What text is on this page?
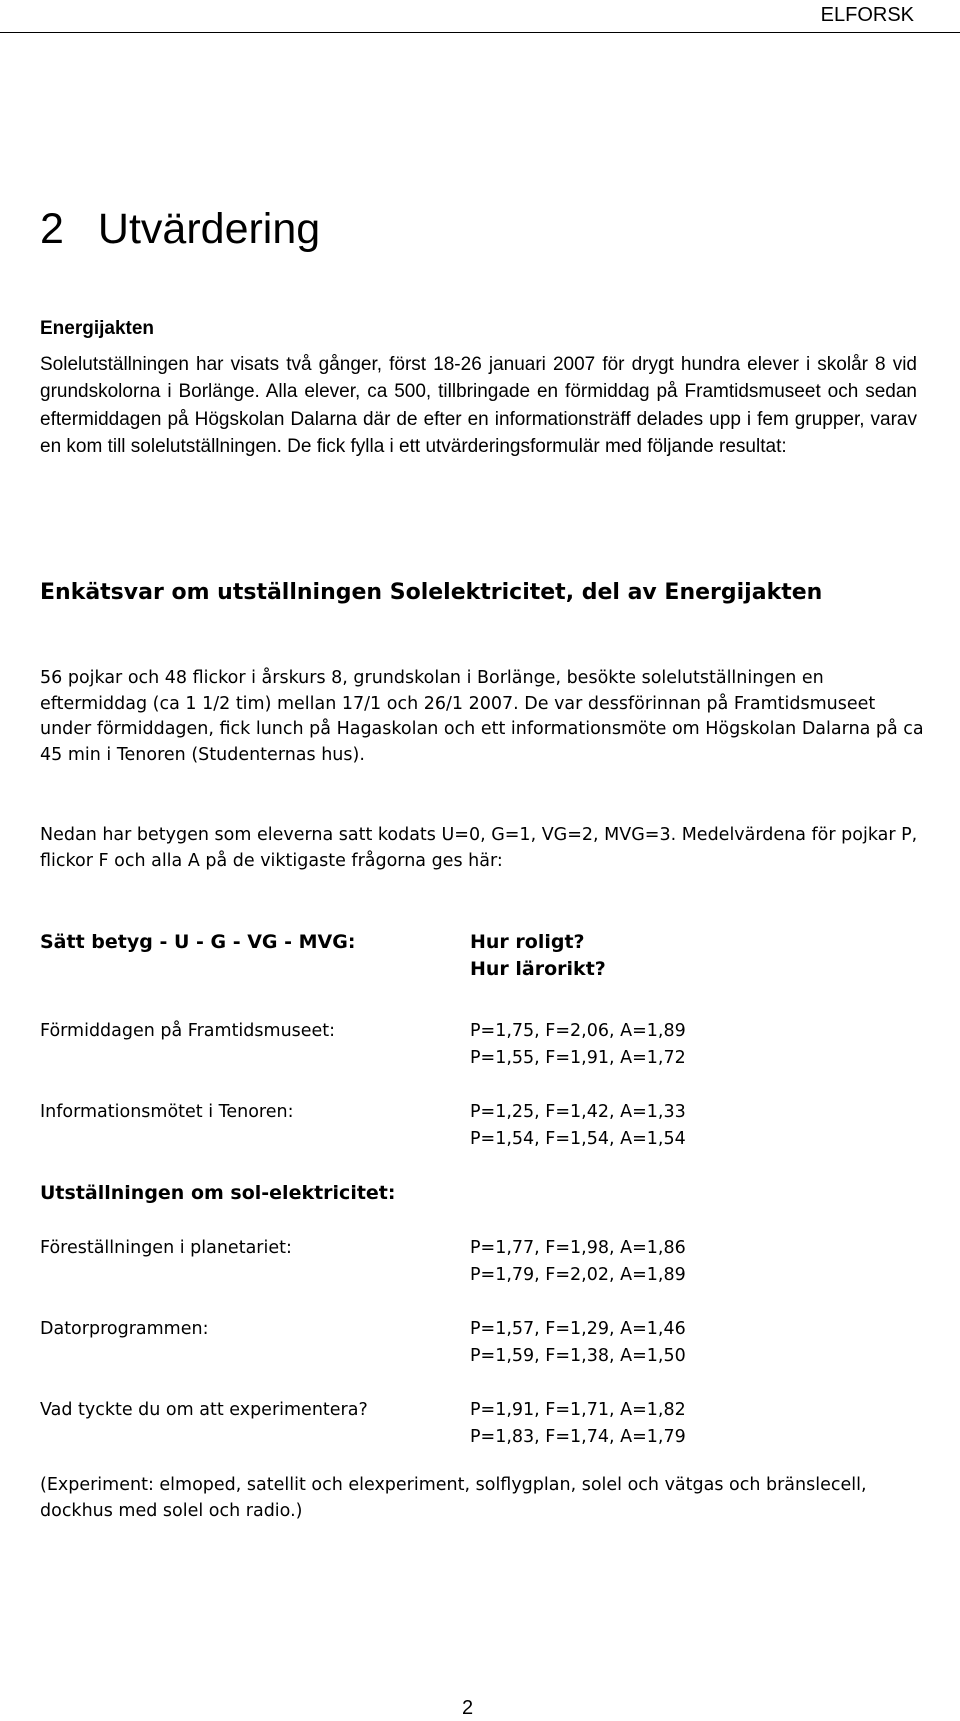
ELFORSK
2 Utvärdering
Energijakten

Solelutställningen har visats två gånger, först 18-26 januari 2007 för drygt hundra elever i skolår 8 vid grundskolorna i Borlänge. Alla elever, ca 500, tillbringade en förmiddag på Framtidsmuseet och sedan eftermiddagen på Högskolan Dalarna där de efter en informationsträff delades upp i fem grupper, varav en kom till solelutställningen. De fick fylla i ett utvärderingsformulär med följande resultat:

Enkätsvar om utställningen Solelektricitet, del av Energijakten

56 pojkar och 48 flickor i årskurs 8, grundskolan i Borlänge, besökte solelutställningen en eftermiddag (ca 1 1/2 tim) mellan 17/1 och 26/1 2007. De var dessförinnan på Framtidsmuseet under förmiddagen, fick lunch på Hagaskolan och ett informationsmöte om Högskolan Dalarna på ca 45 min i Tenoren (Studenternas hus).

Nedan har betygen som eleverna satt kodats U=0, G=1, VG=2, MVG=3. Medelvärdena för pojkar P, flickor F och alla A på de viktigaste frågorna ges här:

Sätt betyg - U - G - VG - MVG:	Hur roligt?
Hur lärorikt?
Förmiddagen på Framtidsmuseet:	P=1,75, F=2,06, A=1,89
P=1,55, F=1,91, A=1,72
Informationsmötet i Tenoren:	P=1,25, F=1,42, A=1,33
P=1,54, F=1,54, A=1,54
Utställningen om sol-elektricitet:
Föreställningen i planetariet:	P=1,77, F=1,98, A=1,86
P=1,79, F=2,02, A=1,89
Datorprogrammen:	P=1,57, F=1,29, A=1,46
P=1,59, F=1,38, A=1,50
Vad tyckte du om att experimentera?	P=1,91, F=1,71, A=1,82
P=1,83, F=1,74, A=1,79

(Experiment: elmoped, satellit och elexperiment, solflygplan, solel och vätgas och bränslecell, dockhus med solel och radio.)

2
